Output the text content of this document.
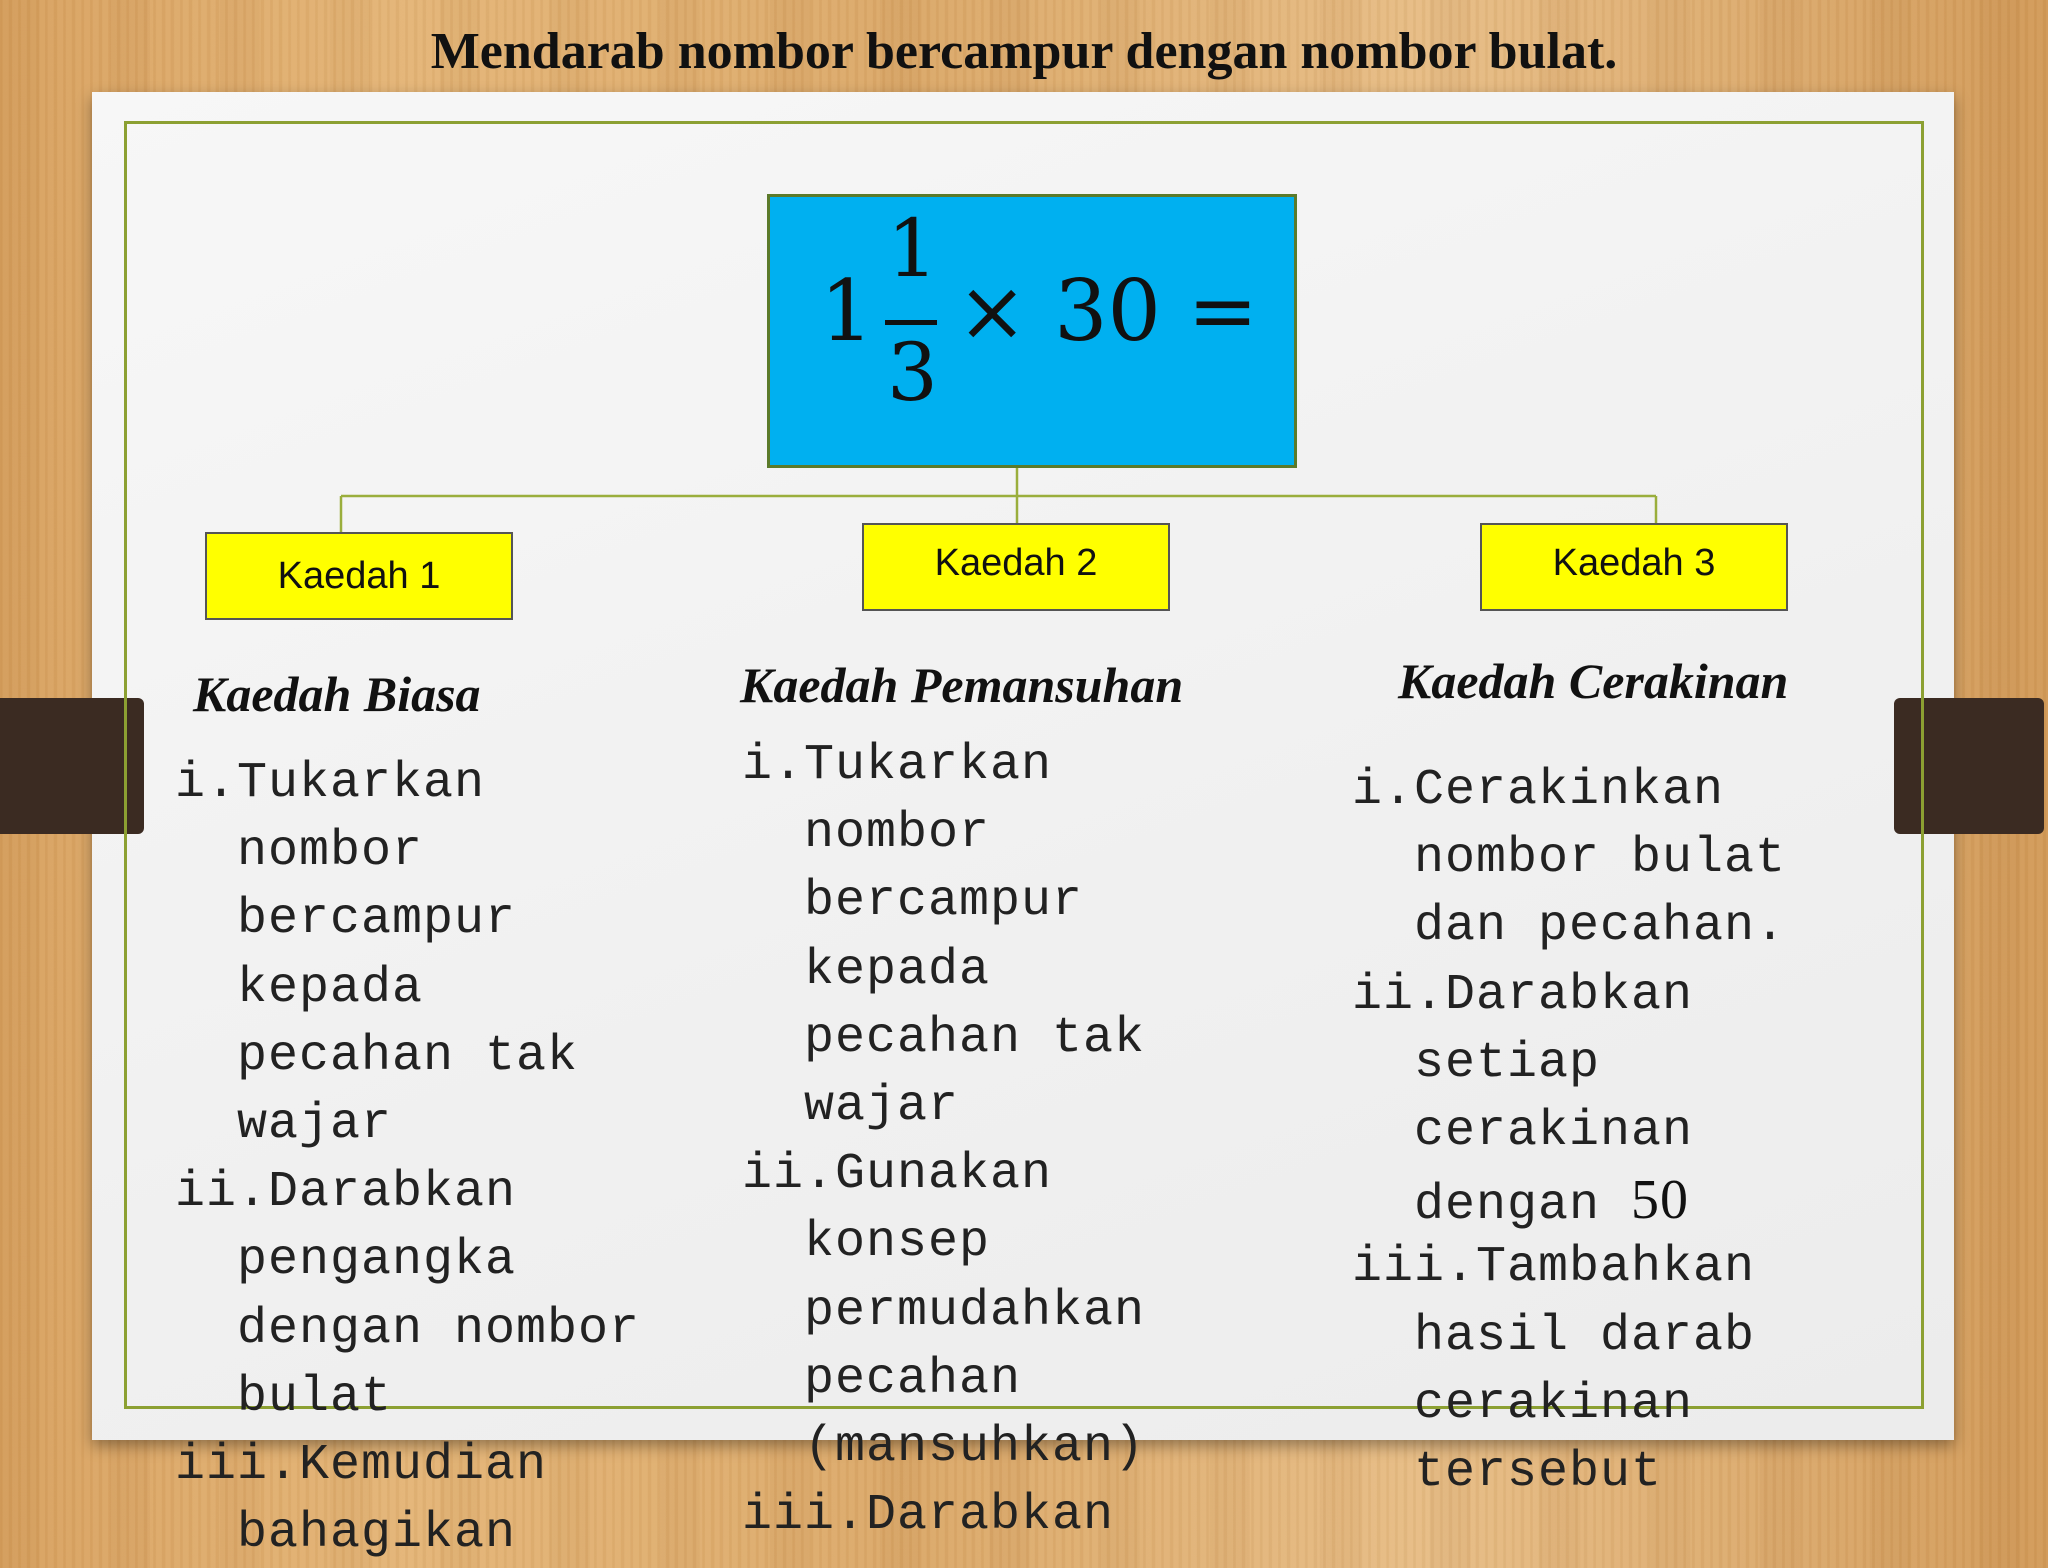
Mendarab nombor bercampur dengan nombor bulat.
1
1
3
× 30 =
Kaedah 1	Kaedah 2	Kaedah 3
Kaedah Biasa	Kaedah Pemansuhan	Kaedah Cerakinan
i.Tukarkan
nombor
bercampur
kepada
pecahan tak
wajar
ii.Darabkan
pengangka
dengan nombor
bulat
iii.Kemudian
bahagikan
i.Tukarkan
nombor
bercampur
kepada
pecahan tak
wajar
ii.Gunakan
konsep
permudahkan
pecahan
(mansuhkan)
iii.Darabkan
i.Cerakinkan
nombor bulat
dan pecahan.
ii.Darabkan
setiap
cerakinan
dengan 50
iii.Tambahkan
hasil darab
cerakinan
tersebut
